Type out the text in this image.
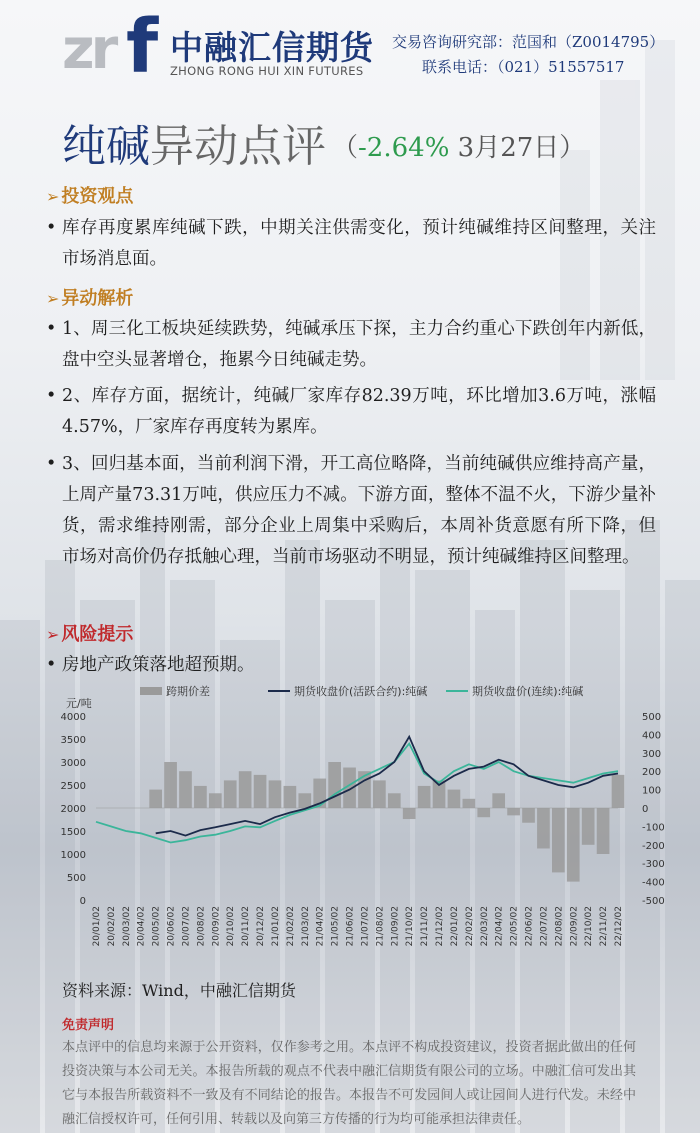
zr f 中融汇信期货
ZHONG RONG HUI XIN FUTURES
交易咨询研究部：范国和（Z0014795）
联系电话：（021）51557517
纯碱异动点评 （-2.64% 3月27日）
➢ 投资观点
• 库存再度累库纯碱下跌，中期关注供需变化，预计纯碱维持区间整理，关注市场消息面。
➢ 异动解析
• 1、周三化工板块延续跌势，纯碱承压下探，主力合约重心下跌创年内新低，盘中空头显著增仓，拖累今日纯碱走势。
• 2、库存方面，据统计，纯碱厂家库存82.39万吨，环比增加3.6万吨，涨幅4.57%，厂家库存再度转为累库。
• 3、回归基本面，当前利润下滑，开工高位略降，当前纯碱供应维持高产量，上周产量73.31万吨，供应压力不减。下游方面，整体不温不火，下游少量补货，需求维持刚需，部分企业上周集中采购后，本周补货意愿有所下降，但市场对高价仍存抵触心理，当前市场驱动不明显，预计纯碱维持区间整理。
➢ 风险提示
• 房地产政策落地超预期。
跨期价差	期货收盘价(活跃合约):纯碱	期货收盘价(连续):纯碱
元/吨
0
500
1000
1500
2000
2500
3000
3500
4000
-500
-400
-300
-200
-100
0
100
200
300
400
500
20/01/02 20/02/02 20/03/02 20/04/02 20/05/02 20/06/02 20/07/02 20/08/02 20/09/02 20/10/02 20/11/02 20/12/02 21/01/02 21/02/02 21/03/02 21/04/02 21/05/02 21/06/02 21/07/02 21/08/02 21/09/02 21/10/02 21/11/02 21/12/02 22/01/02 22/02/02 22/03/02 22/04/02 22/05/02 22/06/02 22/07/02 22/08/02 22/09/02 22/10/02 22/11/02 22/12/02
资料来源：Wind，中融汇信期货
免责声明
本点评中的信息均来源于公开资料，仅作参考之用。本点评不构成投资建议，投资者据此做出的任何投资决策与本公司无关。本报告所载的观点不代表中融汇信期货有限公司的立场。中融汇信可发出其它与本报告所载资料不一致及有不同结论的报告。本报告不可发园间人或让园间人进行代发。未经中融汇信授权许可，任何引用、转载以及向第三方传播的行为均可能承担法律责任。
